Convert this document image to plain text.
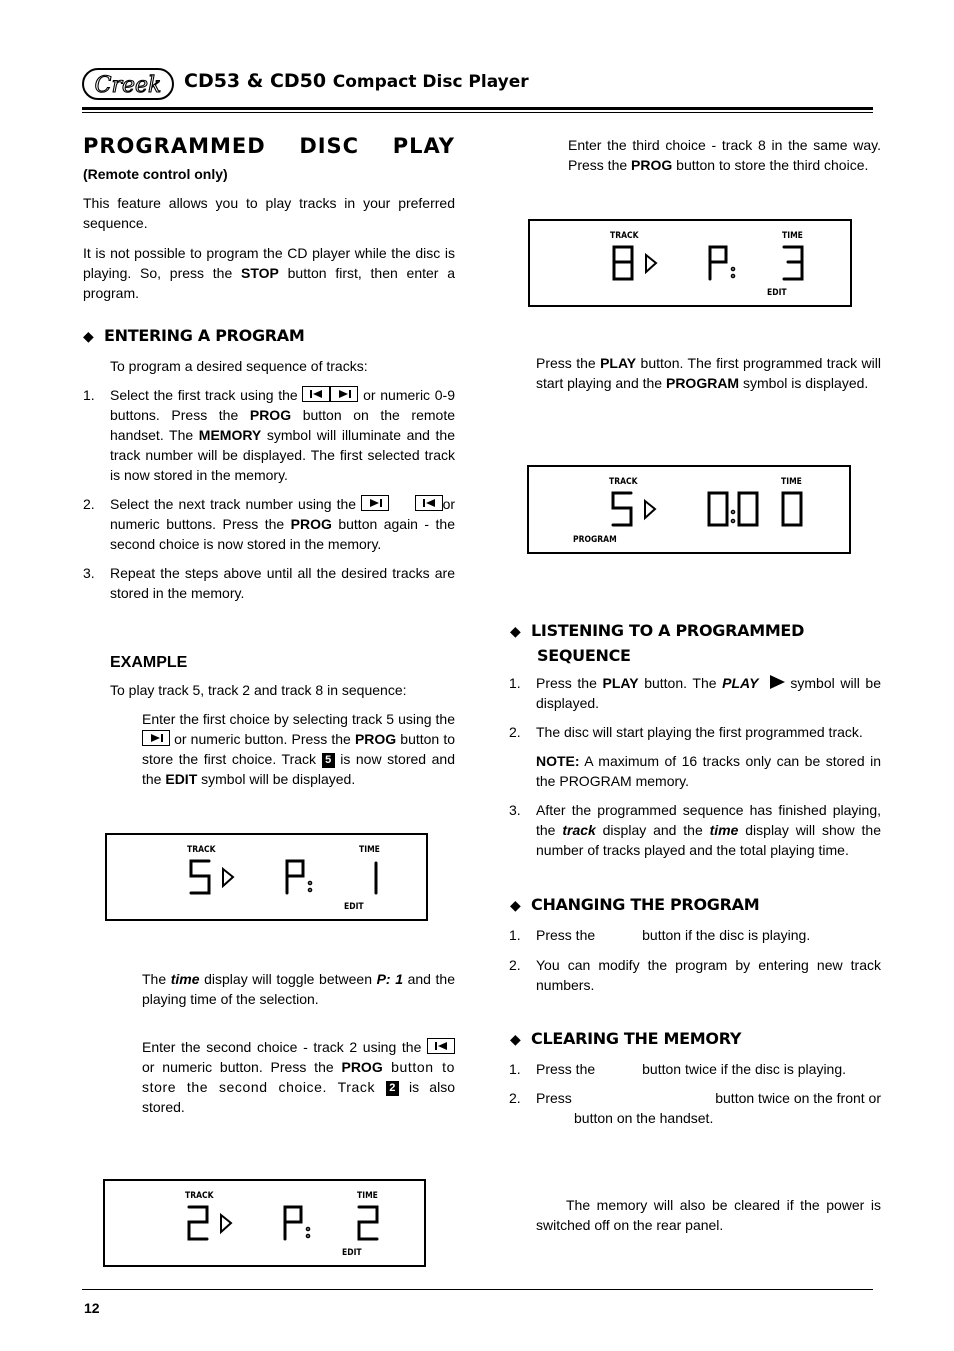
Creek CD53 & CD50 Compact Disc Player
PROGRAMMED DISC PLAY
(Remote control only)
This feature allows you to play tracks in your preferred sequence.
It is not possible to program the CD player while the disc is playing. So, press the STOP button first, then enter a program.
◆ ENTERING A PROGRAM
To program a desired sequence of tracks:
1. Select the first track using the	or numeric 0-9 buttons. Press the PROG button on the remote handset. The MEMORY symbol will illuminate and the track number will be displayed. The first selected track is now stored in the memory.
2. Select the next track number using the
	or numeric buttons. Press the PROG button again - the second choice is now stored in the memory.
3. Repeat the steps above until all the desired tracks are stored in the memory.
EXAMPLE
To play track 5, track 2 and track 8 in sequence:
Enter the first choice by selecting track 5 using the
or numeric button. Press the PROG button to store the first choice. Track 5 is now stored and the EDIT symbol will be displayed.
TRACK	TIME
EDIT
The time display will toggle between P: 1 and the playing time of the selection.
Enter the second choice - track 2 using the
or numeric button. Press the PROG button to store the second choice. Track 2 is also stored.
TRACK	TIME
EDIT
Enter the third choice - track 8 in the same way. Press the PROG button to store the third choice.
TRACK	TIME
EDIT
Press the PLAY button. The first programmed track will start playing and the PROGRAM symbol is displayed.
TRACK	TIME
PROGRAM
◆ LISTENING TO A PROGRAMMED
SEQUENCE
1. Press the PLAY button. The PLAY   symbol will be displayed.
2. The disc will start playing the first programmed track.
NOTE: A maximum of 16 tracks only can be stored in the PROGRAM memory.
3. After the programmed sequence has finished playing, the track display and the time display will show the number of tracks played and the total playing time.
◆ CHANGING THE PROGRAM
1. Press the	button if the disc is playing.
2. You can modify the program by entering new track numbers.
◆ CLEARING THE MEMORY
1. Press the	button twice if the disc is playing.
2. Press	button twice on the front or
button on the handset.
The memory will also be cleared if the power is switched off on the rear panel.
12
